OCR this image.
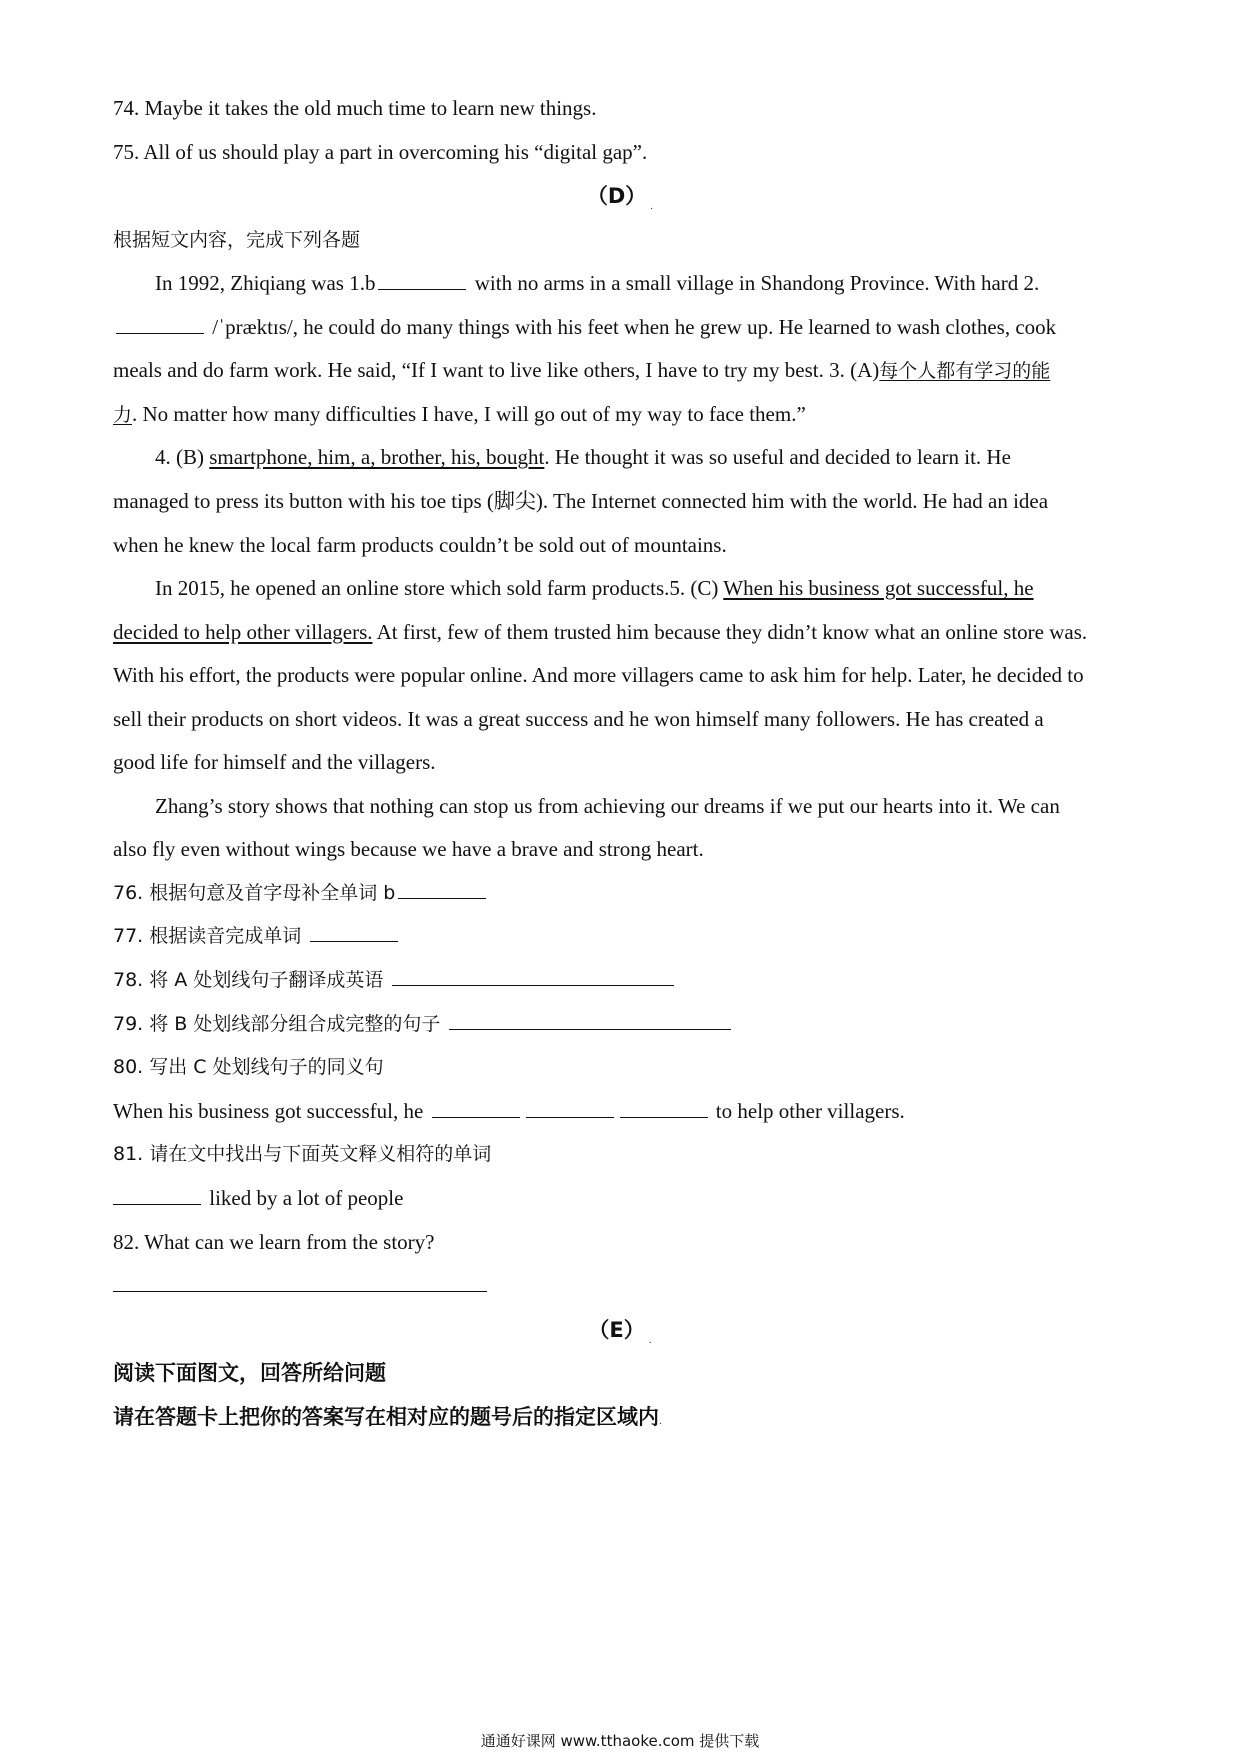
74. Maybe it takes the old much time to learn new things.
75. All of us should play a part in overcoming his “digital gap”.
（D） $_.$
根据短文内容，完成下列各题
In 1992, Zhiqiang was 1.b	with no arms in a small village in Shandong Province. With hard 2.
/ˈpræktɪs/, he could do many things with his feet when he grew up. He learned to wash clothes, cook
meals and do farm work. He said, “If I want to live like others, I have to try my best. 3. (A)每个人都有学习的能
力. No matter how many difficulties I have, I will go out of my way to face them.”
4. (B) smartphone, him, a, brother, his, bought. He thought it was so useful and decided to learn it. He
managed to press its button with his toe tips (脚尖). The Internet connected him with the world. He had an idea
when he knew the local farm products couldn’t be sold out of mountains.
In 2015, he opened an online store which sold farm products.5. (C) When his business got successful, he
decided to help other villagers. At first, few of them trusted him because they didn’t know what an online store was.
With his effort, the products were popular online. And more villagers came to ask him for help. Later, he decided to
sell their products on short videos. It was a great success and he won himself many followers. He has created a
good life for himself and the villagers.
Zhang’s story shows that nothing can stop us from achieving our dreams if we put our hearts into it. We can
also fly even without wings because we have a brave and strong heart.
76. 根据句意及首字母补全单词 b
77. 根据读音完成单词
78. 将 A 处划线句子翻译成英语
79. 将 B 处划线部分组合成完整的句子
80. 写出 C 处划线句子的同义句
When his business got successful, he	to help other villagers.
81. 请在文中找出与下面英文释义相符的单词
liked by a lot of people
82. What can we learn from the story?
（E） $_.$
阅读下面图文，回答所给问题
请在答题卡上把你的答案写在相对应的题号后的指定区域内.
通通好课网 www.tthaoke.com 提供下载
